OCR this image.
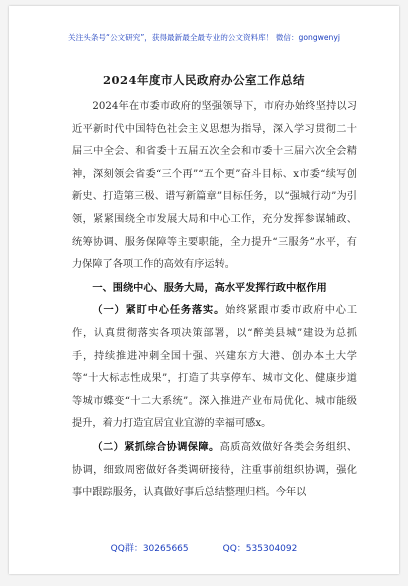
关注头条号“公文研究”，获得最新最全最专业的公文资料库！ 微信：gongwenyj
2024年度市人民政府办公室工作总结

2024年在市委市政府的坚强领导下，市府办始终坚持以习近平新时代中国特色社会主义思想为指导，深入学习贯彻二十届三中全会、和省委十五届五次全会和市委十三届六次全会精神，深刻领会省委“三个再”“五个更”奋斗目标、x市委“续写创新史、打造第三极、谱写新篇章”目标任务，以“强城行动”为引领，紧紧围绕全市发展大局和中心工作，充分发挥参谋辅政、统筹协调、服务保障等主要职能，全力提升“三服务”水平，有力保障了各项工作的高效有序运转。

一、围绕中心、服务大局，高水平发挥行政中枢作用

（一）紧盯中心任务落实。始终紧跟市委市政府中心工作，认真贯彻落实各项决策部署，以“醉美县城”建设为总抓手，持续推进冲刺全国十强、兴建东方大港、创办本土大学等“十大标志性成果”，打造了共享停车、城市文化、健康步道等城市蝶变“十二大系统”。深入推进产业布局优化、城市能级提升，着力打造宜居宜业宜游的幸福可感x。

（二）紧抓综合协调保障。高质高效做好各类会务组织、协调，细致周密做好各类调研接待，注重事前组织协调，强化事中跟踪服务，认真做好事后总结整理归档。今年以

QQ群：30265665	QQ：535304092
